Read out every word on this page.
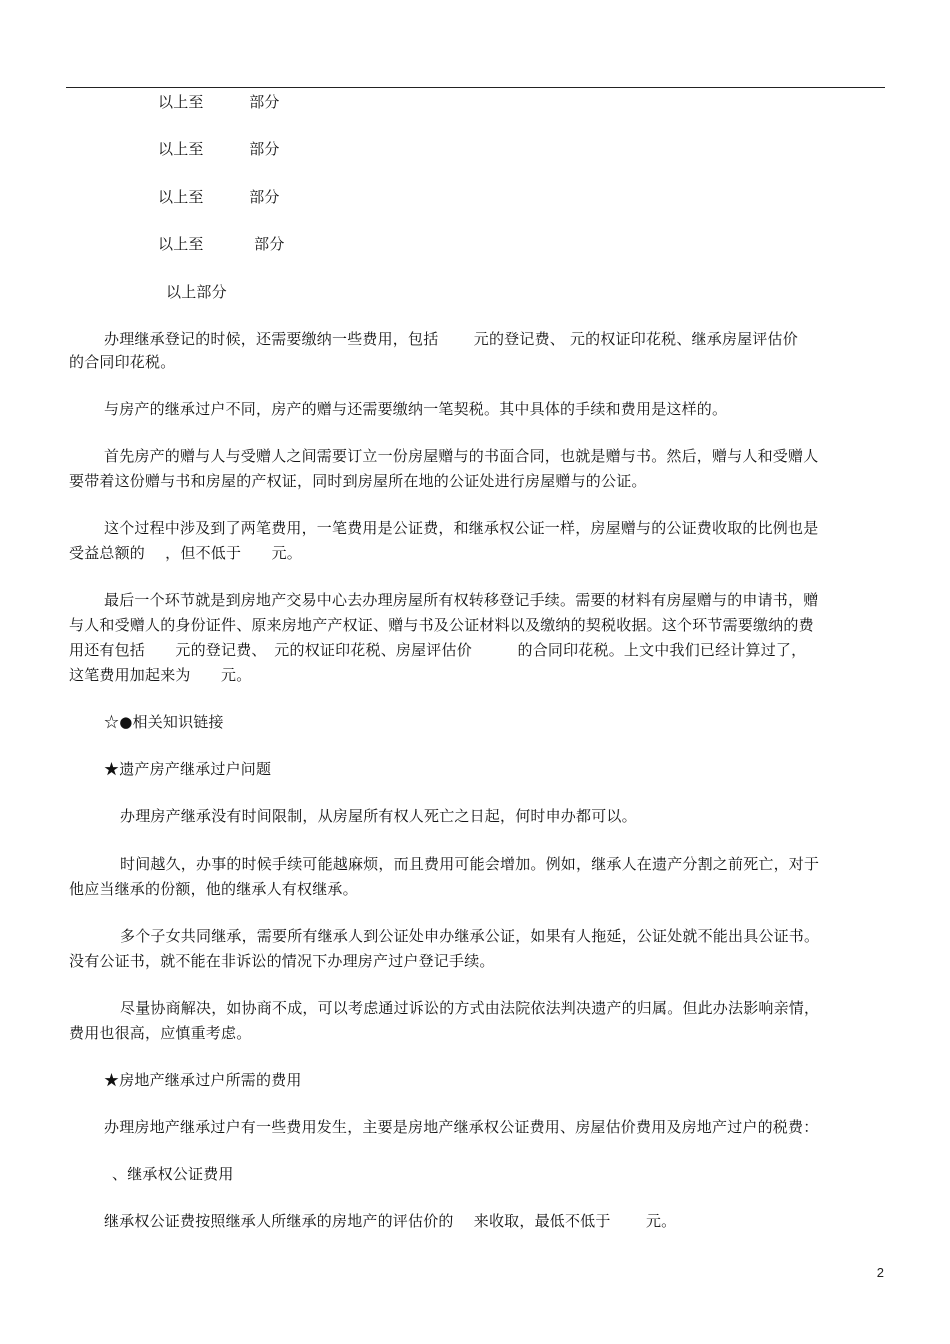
以上至　　　部分
以上至　　　部分
以上至　　　部分
以上至　　　 部分
以上部分
办理继承登记的时候，还需要缴纳一些费用，包括　　 元的登记费、 元的权证印花税、继承房屋评估价
的合同印花税。
与房产的继承过户不同，房产的赠与还需要缴纳一笔契税。其中具体的手续和费用是这样的。
首先房产的赠与人与受赠人之间需要订立一份房屋赠与的书面合同，也就是赠与书。然后，赠与人和受赠人
要带着这份赠与书和房屋的产权证，同时到房屋所在地的公证处进行房屋赠与的公证。
这个过程中涉及到了两笔费用，一笔费用是公证费，和继承权公证一样，房屋赠与的公证费收取的比例也是
受益总额的　 ，但不低于　　元。
最后一个环节就是到房地产交易中心去办理房屋所有权转移登记手续。需要的材料有房屋赠与的申请书，赠
与人和受赠人的身份证件、原来房地产产权证、赠与书及公证材料以及缴纳的契税收据。这个环节需要缴纳的费
用还有包括　　元的登记费、　元的权证印花税、房屋评估价　　　的合同印花税。上文中我们已经计算过了，
这笔费用加起来为　　元。
☆●相关知识链接
★遗产房产继承过户问题
办理房产继承没有时间限制，从房屋所有权人死亡之日起，何时申办都可以。
时间越久，办事的时候手续可能越麻烦，而且费用可能会增加。例如，继承人在遗产分割之前死亡，对于
他应当继承的份额，他的继承人有权继承。
多个子女共同继承，需要所有继承人到公证处申办继承公证，如果有人拖延，公证处就不能出具公证书。
没有公证书，就不能在非诉讼的情况下办理房产过户登记手续。
尽量协商解决，如协商不成，可以考虑通过诉讼的方式由法院依法判决遗产的归属。但此办法影响亲情，
费用也很高，应慎重考虑。
★房地产继承过户所需的费用
办理房地产继承过户有一些费用发生，主要是房地产继承权公证费用、房屋估价费用及房地产过户的税费：
、继承权公证费用
继承权公证费按照继承人所继承的房地产的评估价的　 来收取，最低不低于　　 元。
2
